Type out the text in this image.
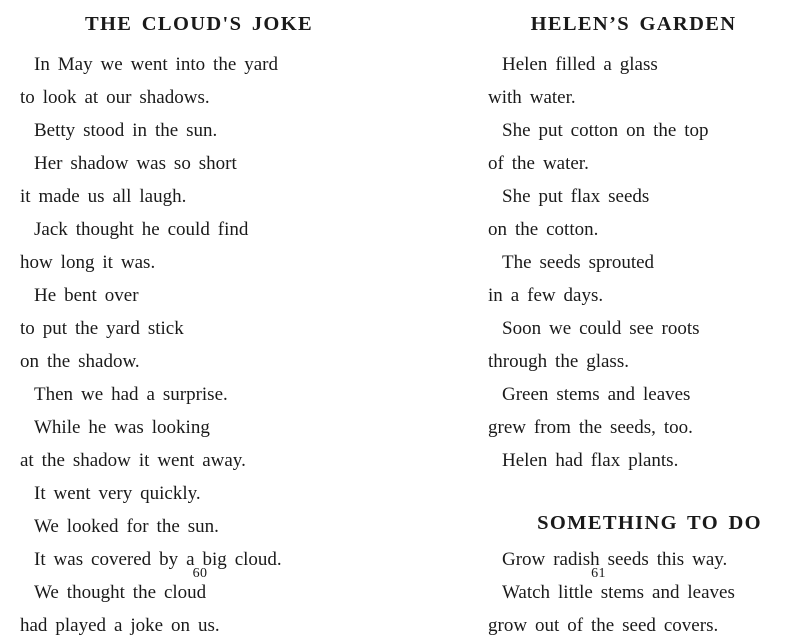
THE CLOUD'S JOKE
In May we went into the yard
to look at our shadows.
Betty stood in the sun.
Her shadow was so short
it made us all laugh.
Jack thought he could find
how long it was.
He bent over
to put the yard stick
on the shadow.
Then we had a surprise.
While he was looking
at the shadow it went away.
It went very quickly.
We looked for the sun.
It was covered by a big cloud.
We thought the cloud
had played a joke on us.
60
HELEN’S GARDEN
Helen filled a glass
with water.
She put cotton on the top
of the water.
She put flax seeds
on the cotton.
The seeds sprouted
in a few days.
Soon we could see roots
through the glass.
Green stems and leaves
grew from the seeds, too.
Helen had flax plants.
SOMETHING TO DO
Grow radish seeds this way.
Watch little stems and leaves
grow out of the seed covers.
61
